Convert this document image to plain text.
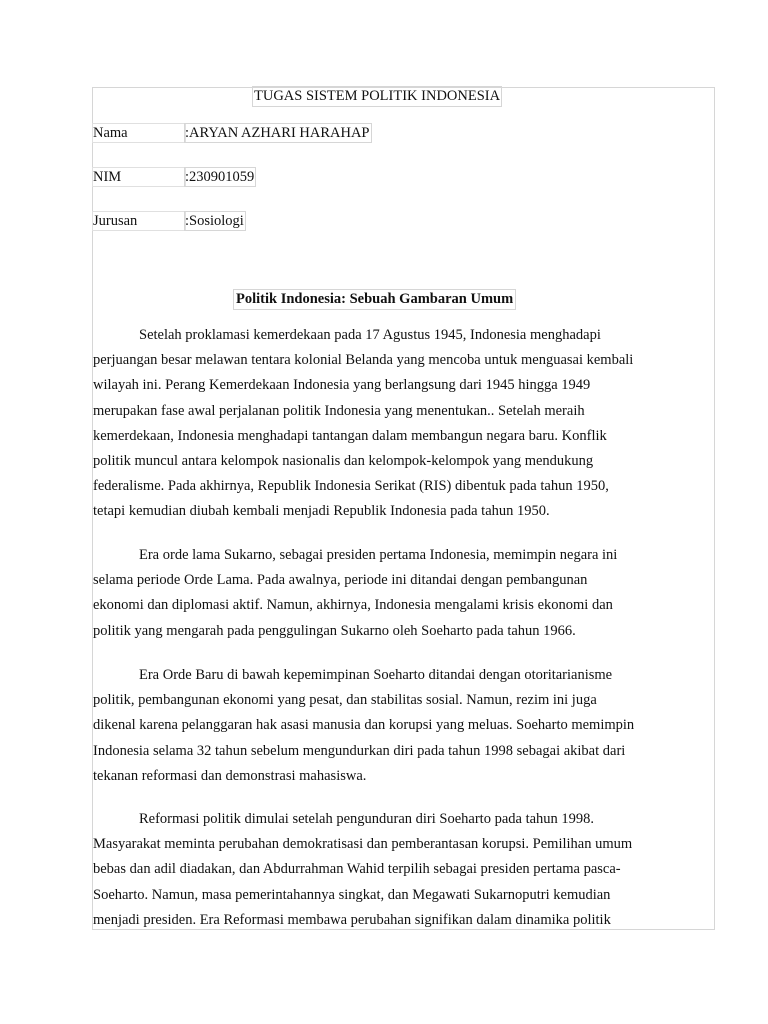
TUGAS SISTEM POLITIK INDONESIA
Nama	:ARYAN AZHARI HARAHAP
NIM	:230901059
Jurusan	:Sosiologi
Politik Indonesia: Sebuah Gambaran Umum
Setelah proklamasi kemerdekaan pada 17 Agustus 1945, Indonesia menghadapi
perjuangan besar melawan tentara kolonial Belanda yang mencoba untuk menguasai kembali
wilayah ini. Perang Kemerdekaan Indonesia yang berlangsung dari 1945 hingga 1949
merupakan fase awal perjalanan politik Indonesia yang menentukan.. Setelah meraih
kemerdekaan, Indonesia menghadapi tantangan dalam membangun negara baru. Konflik
politik muncul antara kelompok nasionalis dan kelompok-kelompok yang mendukung
federalisme. Pada akhirnya, Republik Indonesia Serikat (RIS) dibentuk pada tahun 1950,
tetapi kemudian diubah kembali menjadi Republik Indonesia pada tahun 1950.
Era orde lama Sukarno, sebagai presiden pertama Indonesia, memimpin negara ini
selama periode Orde Lama. Pada awalnya, periode ini ditandai dengan pembangunan
ekonomi dan diplomasi aktif. Namun, akhirnya, Indonesia mengalami krisis ekonomi dan
politik yang mengarah pada penggulingan Sukarno oleh Soeharto pada tahun 1966.
Era Orde Baru di bawah kepemimpinan Soeharto ditandai dengan otoritarianisme
politik, pembangunan ekonomi yang pesat, dan stabilitas sosial. Namun, rezim ini juga
dikenal karena pelanggaran hak asasi manusia dan korupsi yang meluas. Soeharto memimpin
Indonesia selama 32 tahun sebelum mengundurkan diri pada tahun 1998 sebagai akibat dari
tekanan reformasi dan demonstrasi mahasiswa.
Reformasi politik dimulai setelah pengunduran diri Soeharto pada tahun 1998.
Masyarakat meminta perubahan demokratisasi dan pemberantasan korupsi. Pemilihan umum
bebas dan adil diadakan, dan Abdurrahman Wahid terpilih sebagai presiden pertama pasca-
Soeharto. Namun, masa pemerintahannya singkat, dan Megawati Sukarnoputri kemudian
menjadi presiden. Era Reformasi membawa perubahan signifikan dalam dinamika politik
